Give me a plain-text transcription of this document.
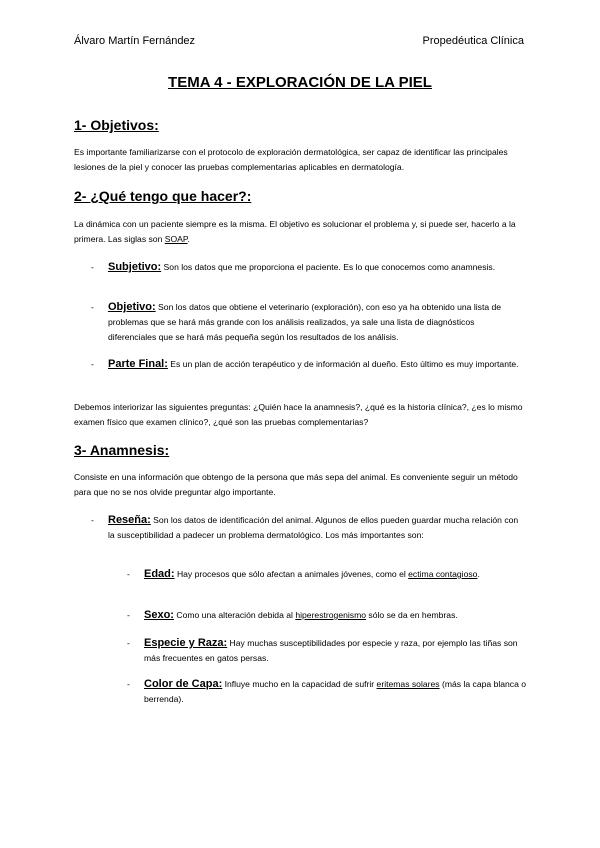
Álvaro Martín Fernández	Propedéutica Clínica
TEMA 4 - EXPLORACIÓN DE LA PIEL
1- Objetivos:
Es importante familiarizarse con el protocolo de exploración dermatológica, ser capaz de identificar las principales lesiones de la piel y conocer las pruebas complementarias aplicables en dermatología.
2- ¿Qué tengo que hacer?:
La dinámica con un paciente siempre es la misma. El objetivo es solucionar el problema y, si puede ser, hacerlo a la primera. Las siglas son SOAP.
- Subjetivo: Son los datos que me proporciona el paciente. Es lo que conocemos como anamnesis.
- Objetivo: Son los datos que obtiene el veterinario (exploración), con eso ya ha obtenido una lista de problemas que se hará más grande con los análisis realizados, ya sale una lista de diagnósticos diferenciales que se hará más pequeña según los resultados de los análisis.
- Parte Final: Es un plan de acción terapéutico y de información al dueño. Esto último es muy importante.
Debemos interiorizar las siguientes preguntas: ¿Quién hace la anamnesis?, ¿qué es la historia clínica?, ¿es lo mismo examen físico que examen clínico?, ¿qué son las pruebas complementarias?
3- Anamnesis:
Consiste en una información que obtengo de la persona que más sepa del animal. Es conveniente seguir un método para que no se nos olvide preguntar algo importante.
- Reseña: Son los datos de identificación del animal. Algunos de ellos pueden guardar mucha relación con la susceptibilidad a padecer un problema dermatológico. Los más importantes son:
- Edad: Hay procesos que sólo afectan a animales jóvenes, como el ectima contagioso.
- Sexo: Como una alteración debida al hiperestrogenismo sólo se da en hembras.
- Especie y Raza: Hay muchas susceptibilidades por especie y raza, por ejemplo las tiñas son más frecuentes en gatos persas.
- Color de Capa: Influye mucho en la capacidad de sufrir eritemas solares (más la capa blanca o berrenda).
